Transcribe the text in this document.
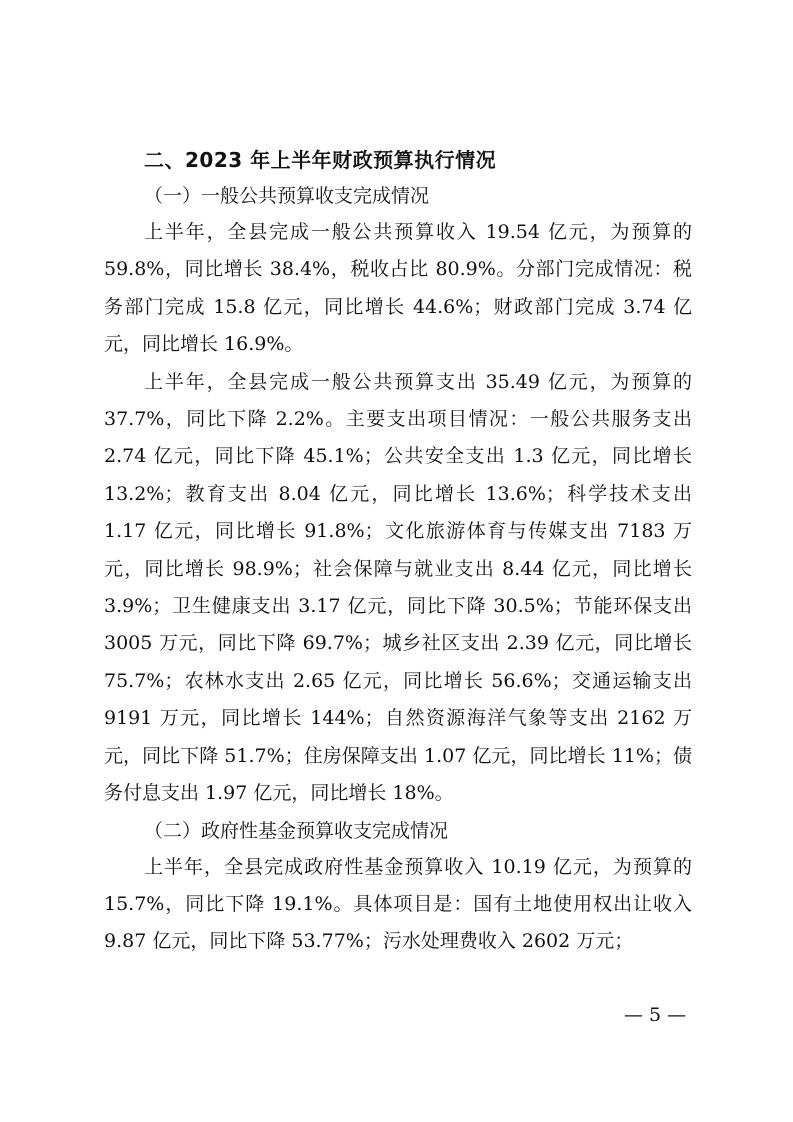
二、2023 年上半年财政预算执行情况

（一）一般公共预算收支完成情况

上半年，全县完成一般公共预算收入 19.54 亿元，为预算的 59.8%，同比增长 38.4%，税收占比 80.9%。分部门完成情况：税务部门完成 15.8 亿元，同比增长 44.6%；财政部门完成 3.74 亿元，同比增长 16.9%。

上半年，全县完成一般公共预算支出 35.49 亿元，为预算的 37.7%，同比下降 2.2%。主要支出项目情况：一般公共服务支出 2.74 亿元，同比下降 45.1%；公共安全支出 1.3 亿元，同比增长 13.2%；教育支出 8.04 亿元，同比增长 13.6%；科学技术支出 1.17 亿元，同比增长 91.8%；文化旅游体育与传媒支出 7183 万元，同比增长 98.9%；社会保障与就业支出 8.44 亿元，同比增长 3.9%；卫生健康支出 3.17 亿元，同比下降 30.5%；节能环保支出 3005 万元，同比下降 69.7%；城乡社区支出 2.39 亿元，同比增长 75.7%；农林水支出 2.65 亿元，同比增长 56.6%；交通运输支出 9191 万元，同比增长 144%；自然资源海洋气象等支出 2162 万元，同比下降 51.7%；住房保障支出 1.07 亿元，同比增长 11%；债务付息支出 1.97 亿元，同比增长 18%。

（二）政府性基金预算收支完成情况

上半年，全县完成政府性基金预算收入 10.19 亿元，为预算的 15.7%，同比下降 19.1%。具体项目是：国有土地使用权出让收入 9.87 亿元，同比下降 53.77%；污水处理费收入 2602 万元；

— 5 —
